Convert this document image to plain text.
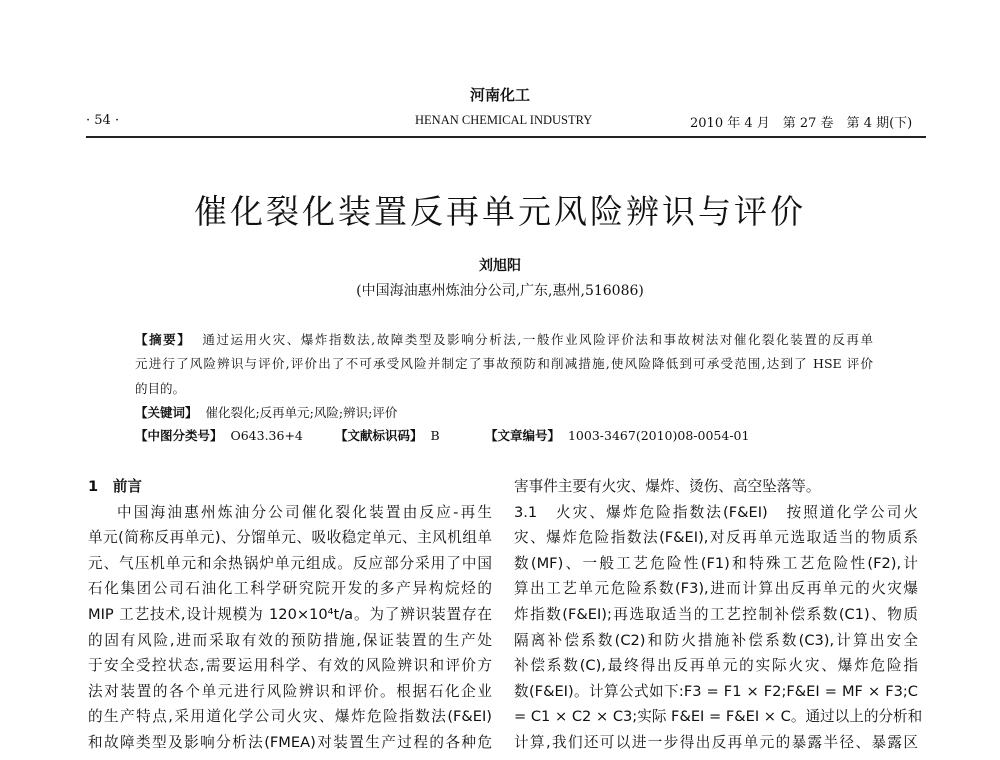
河南化工
· 54 ·	HENAN CHEMICAL INDUSTRY	2010 年 4 月　第 27 卷　第 4 期(下)
催化裂化装置反再单元风险辨识与评价
刘旭阳
(中国海油惠州炼油分公司,广东,惠州,516086)
【摘要】 通过运用火灾、爆炸指数法,故障类型及影响分析法,一般作业风险评价法和事故树法对催化裂化装置的反再单
元进行了风险辨识与评价,评价出了不可承受风险并制定了事故预防和削减措施,使风险降低到可承受范围,达到了 HSE 评价
的目的。
【关键词】 催化裂化;反再单元;风险;辨识;评价
【中图分类号】 O643.36+4	【文献标识码】 B	【文章编号】 1003-3467(2010)08-0054-01
1　前言
中国海油惠州炼油分公司催化裂化装置由反应-再生
单元(简称反再单元)、分馏单元、吸收稳定单元、主风机组单
元、气压机单元和余热锅炉单元组成。反应部分采用了中国
石化集团公司石油化工科学研究院开发的多产异构烷烃的
MIP 工艺技术,设计规模为 120×10⁴t/a。为了辨识装置存在
的固有风险,进而采取有效的预防措施,保证装置的生产处
于安全受控状态,需要运用科学、有效的风险辨识和评价方
法对装置的各个单元进行风险辨识和评价。根据石化企业
的生产特点,采用道化学公司火灾、爆炸危险指数法(F&EI)
和故障类型及影响分析法(FMEA)对装置生产过程的各种危
害事件主要有火灾、爆炸、烫伤、高空坠落等。
3.1　火灾、爆炸危险指数法(F&EI)　按照道化学公司火
灾、爆炸危险指数法(F&EI),对反再单元选取适当的物质系
数(MF)、一般工艺危险性(F1)和特殊工艺危险性(F2),计
算出工艺单元危险系数(F3),进而计算出反再单元的火灾爆
炸指数(F&EI);再选取适当的工艺控制补偿系数(C1)、物质
隔离补偿系数(C2)和防火措施补偿系数(C3),计算出安全
补偿系数(C),最终得出反再单元的实际火灾、爆炸危险指
数(F&EI)。计算公式如下:F3 = F1 × F2;F&EI = MF × F3;C
= C1 × C2 × C3;实际 F&EI = F&EI × C。通过以上的分析和
计算,我们还可以进一步得出反再单元的暴露半径、暴露区
